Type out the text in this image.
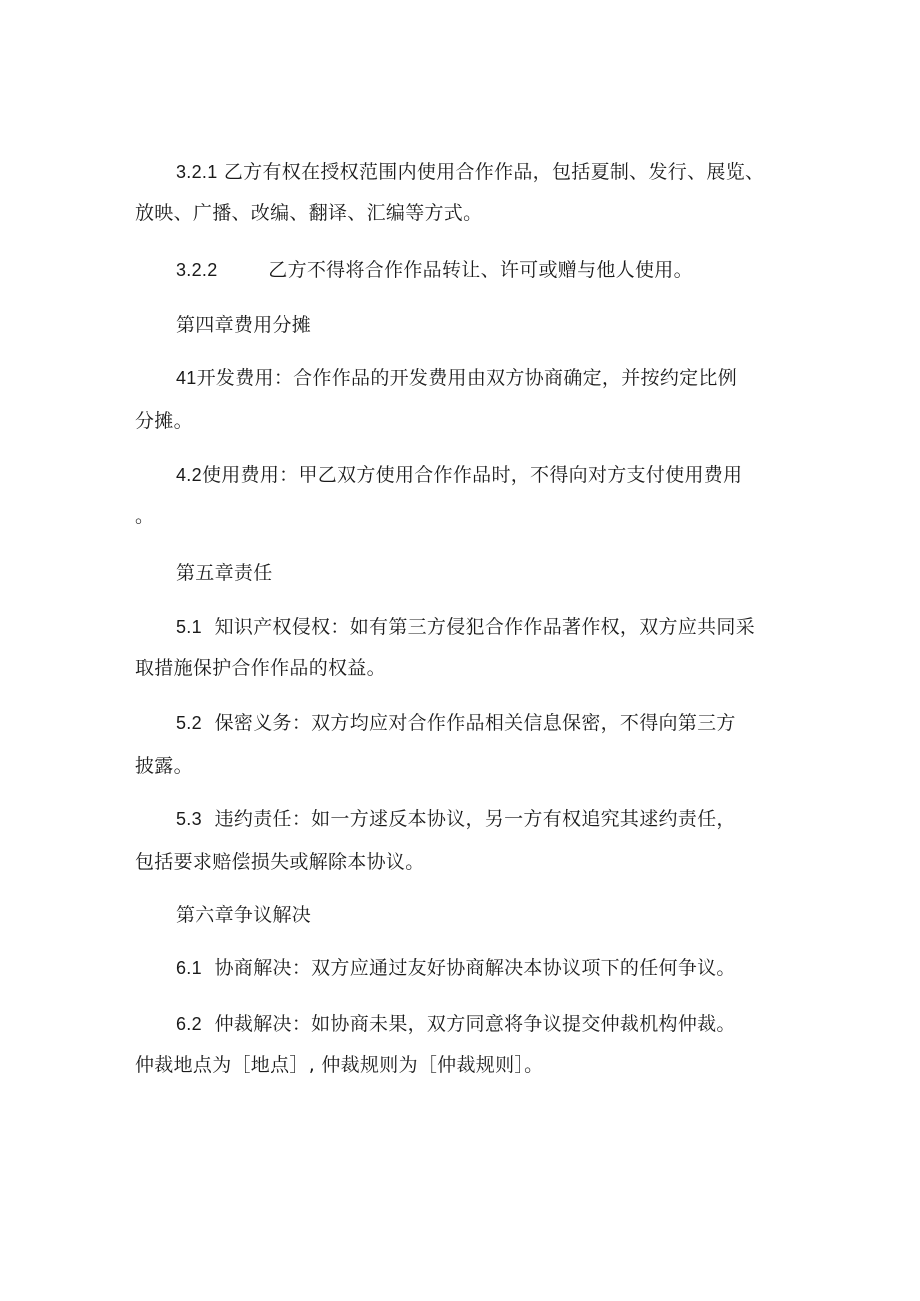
3.2.1 乙方有权在授权范围内使用合作作品，包括夏制、发行、展览、
放映、广播、改编、翻译、汇编等方式。
3.2.2        乙方不得将合作作品转让、许可或赠与他人使用。
第四章费用分摊
41开发费用：合作作品的开发费用由双方协商确定，并按约定比例
分摊。
4.2使用费用：甲乙双方使用合作作品时，不得向对方支付使用费用
。
第五章责任
5.1  知识产权侵权：如有第三方侵犯合作作品著作权，双方应共同采
取措施保护合作作品的权益。
5.2  保密义务：双方均应对合作作品相关信息保密，不得向第三方
披露。
5.3  违约责任：如一方逑反本协议，另一方有权追究其逑约责任，
包括要求赔偿损失或解除本协议。
第六章争议解决
6.1  协商解决：双方应通过友好协商解决本协议项下的任何争议。
6.2  仲裁解决：如协商未果，双方同意将争议提交仲裁机构仲裁。
仲裁地点为［地点］, 仲裁规则为［仲裁规则］。
